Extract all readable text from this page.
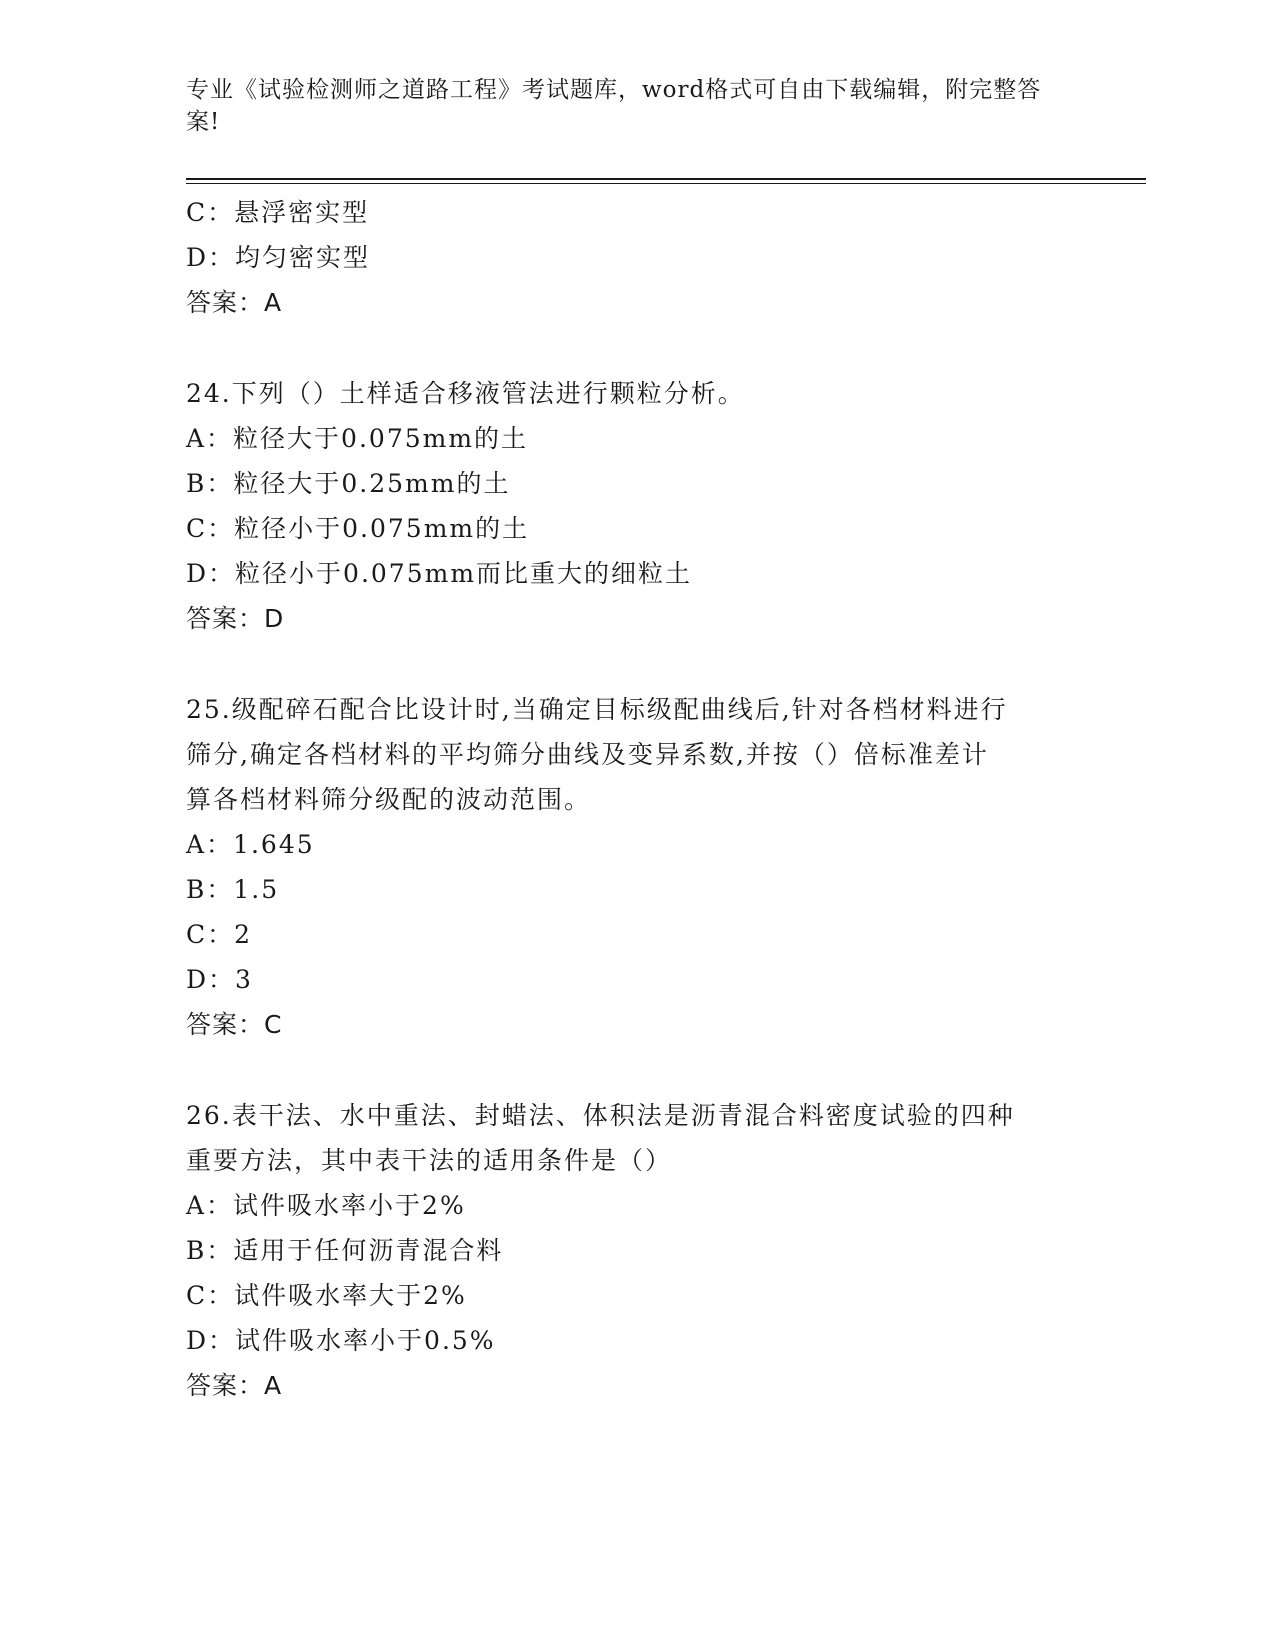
专业《试验检测师之道路工程》考试题库，word格式可自由下载编辑，附完整答案!
C：悬浮密实型
D：均匀密实型
答案：A
24.下列（）土样适合移液管法进行颗粒分析。
A：粒径大于0.075mm的土
B：粒径大于0.25mm的土
C：粒径小于0.075mm的土
D：粒径小于0.075mm而比重大的细粒土
答案：D
25.级配碎石配合比设计时,当确定目标级配曲线后,针对各档材料进行
筛分,确定各档材料的平均筛分曲线及变异系数,并按（）倍标准差计
算各档材料筛分级配的波动范围。
A：1.645
B：1.5
C：2
D：3
答案：C
26.表干法、水中重法、封蜡法、体积法是沥青混合料密度试验的四种
重要方法，其中表干法的适用条件是（）
A：试件吸水率小于2%
B：适用于任何沥青混合料
C：试件吸水率大于2%
D：试件吸水率小于0.5%
答案：A
